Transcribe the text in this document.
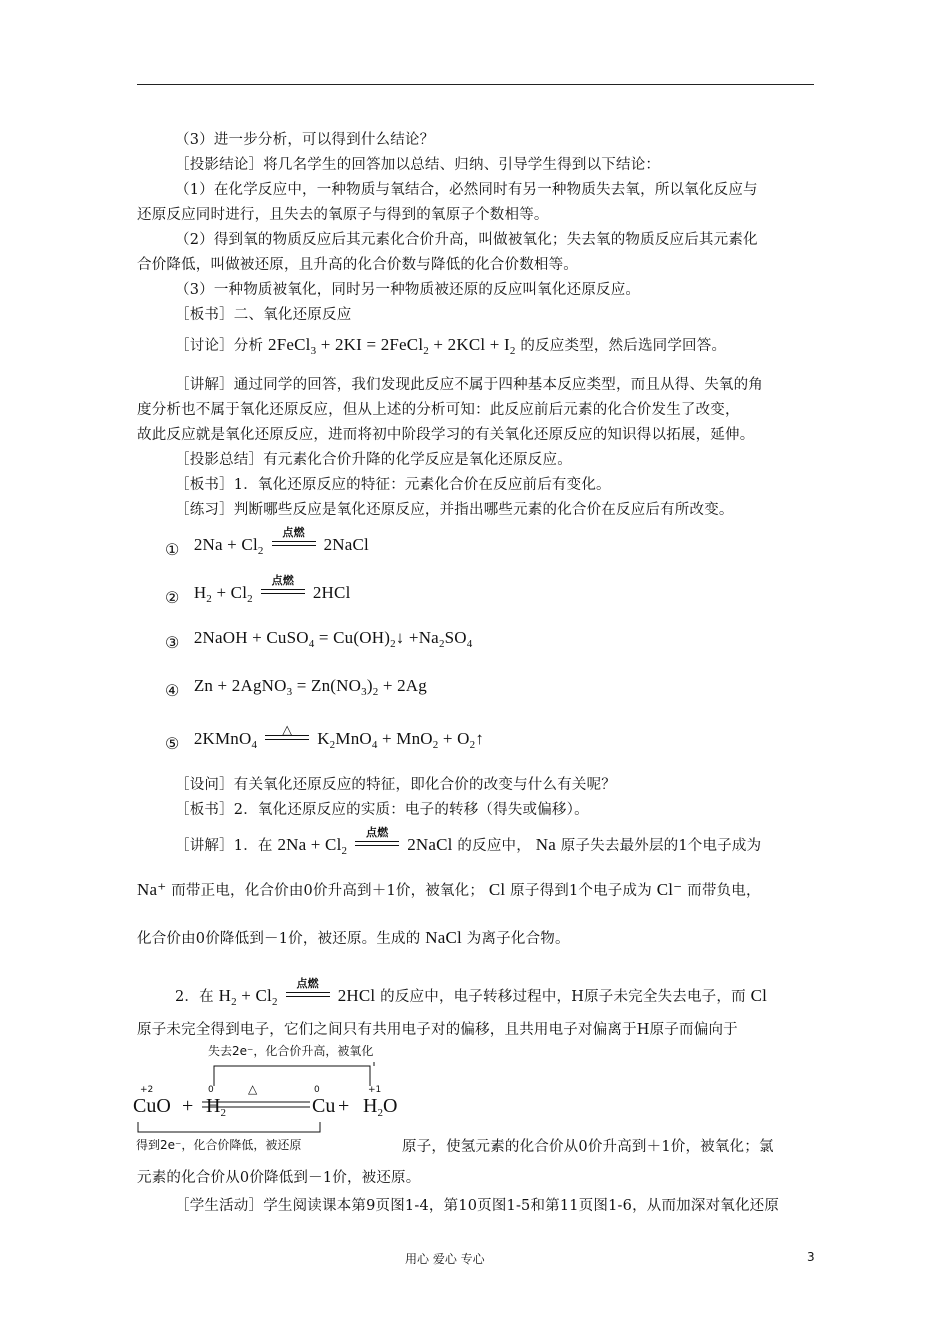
（3）进一步分析，可以得到什么结论？
［投影结论］将几名学生的回答加以总结、归纳、引导学生得到以下结论：
（1）在化学反应中，一种物质与氧结合，必然同时有另一种物质失去氧，所以氧化反应与
还原反应同时进行，且失去的氧原子与得到的氧原子个数相等。
（2）得到氧的物质反应后其元素化合价升高，叫做被氧化；失去氧的物质反应后其元素化
合价降低，叫做被还原，且升高的化合价数与降低的化合价数相等。
（3）一种物质被氧化，同时另一种物质被还原的反应叫氧化还原反应。
［板书］二、氧化还原反应
［讨论］分析 2FeCl$_3$ + 2KI = 2FeCl$_2$ + $2KCl + I_2$ 的反应类型，然后选同学回答。
［讲解］通过同学的回答，我们发现此反应不属于四种基本反应类型，而且从得、失氧的角
度分析也不属于氧化还原反应，但从上述的分析可知：此反应前后元素的化合价发生了改变，
故此反应就是氧化还原反应，进而将初中阶段学习的有关氧化还原反应的知识得以拓展，延伸。
［投影总结］有元素化合价升降的化学反应是氧化还原反应。
［板书］1．氧化还原反应的特征：元素化合价在反应前后有变化。
［练习］判断哪些反应是氧化还原反应，并指出哪些元素的化合价在反应后有所改变。
① $2Na + Cl_2$
点燃
2NaCl
② $H_2 + Cl_2$
点燃
2HCl
③ 2NaOH + CuSO$_4$ = $Cu(OH)_2↓ +Na_2SO_4$
④ Zn + 2AgNO$_3$ = $Zn(NO_3)_2 + 2Ag$
⑤ 2KMnO$_4$
△	$K_2MnO_4 + MnO_2$ + $O_2↑$
［设问］有关氧化还原反应的特征，即化合价的改变与什么有关呢？
［板书］2．氧化还原反应的实质：电子的转移（得失或偏移）。
［讲解］1．在 $2Na + Cl_2$
点燃
2NaCl 的反应中， Na 原子失去最外层的1个电子成为
Na⁺ 而带正电，化合价由0价升高到＋1价，被氧化； Cl 原子得到1个电子成为 Cl⁻ 而带负电，
化合价由0价降低到－1价，被还原。生成的 NaCl 为离子化合物。
2．在 $H_2 + Cl_2$
点燃
2HCl 的反应中，电子转移过程中，H原子未完全失去电子，而 Cl
原子未完全得到电子，它们之间只有共用电子对的偏移，且共用电子对偏离于H原子而偏向于
失去2e⁻，化合价升高，被氧化
+2	0	0	+1
CuO + $H_2$
△
$Cu + H_2O$
得到2e⁻，化合价降低，被还原	原子，使氢元素的化合价从0价升高到＋1价，被氧化；氯
元素的化合价从0价降低到－1价，被还原。
［学生活动］学生阅读课本第9页图1-4，第10页图1-5和第11页图1-6，从而加深对氧化还原
用心 爱心 专心	3
